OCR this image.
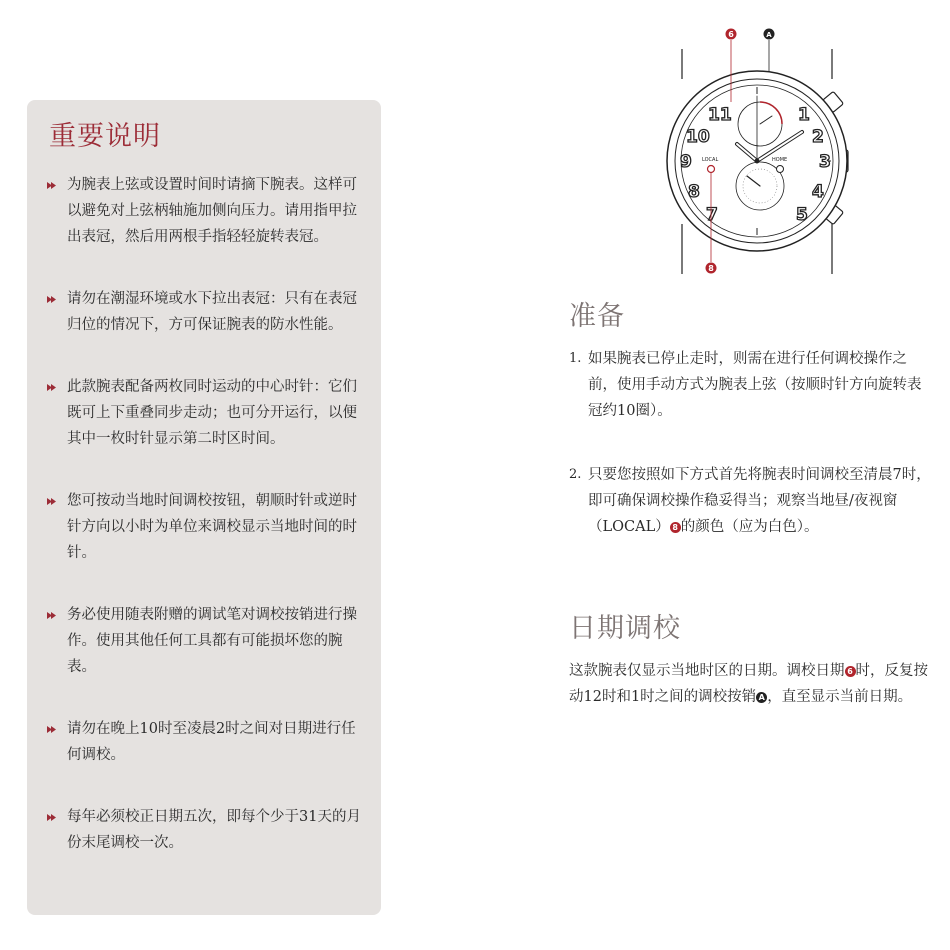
重要说明
为腕表上弦或设置时间时请摘下腕表。这样可以避免对上弦柄轴施加侧向压力。请用指甲拉出表冠，然后用两根手指轻轻旋转表冠。
请勿在潮湿环境或水下拉出表冠：只有在表冠归位的情况下，方可保证腕表的防水性能。
此款腕表配备两枚同时运动的中心时针：它们既可上下重叠同步走动；也可分开运行，以便其中一枚时针显示第二时区时间。
您可按动当地时间调校按钮，朝顺时针或逆时针方向以小时为单位来调校显示当地时间的时针。
务必使用随表附赠的调试笔对调校按销进行操作。使用其他任何工具都有可能损坏您的腕表。
请勿在晚上10时至凌晨2时之间对日期进行任何调校。
每年必须校正日期五次，即每个少于31天的月份末尾调校一次。
LOCAL	HOME
11	1
10	2
9	3
8	4
7	5
6	A
8
准备
1. 如果腕表已停止走时，则需在进行任何调校操作之前，使用手动方式为腕表上弦（按顺时针方向旋转表冠约10圈）。
2. 只要您按照如下方式首先将腕表时间调校至清晨7时，即可确保调校操作稳妥得当；观察当地昼/夜视窗（LOCAL） 8 的颜色（应为白色）。
日期调校

这款腕表仅显示当地时区的日期。调校日期 6 时，反复按动12时和1时之间的调校按销 A ，直至显示当前日期。
